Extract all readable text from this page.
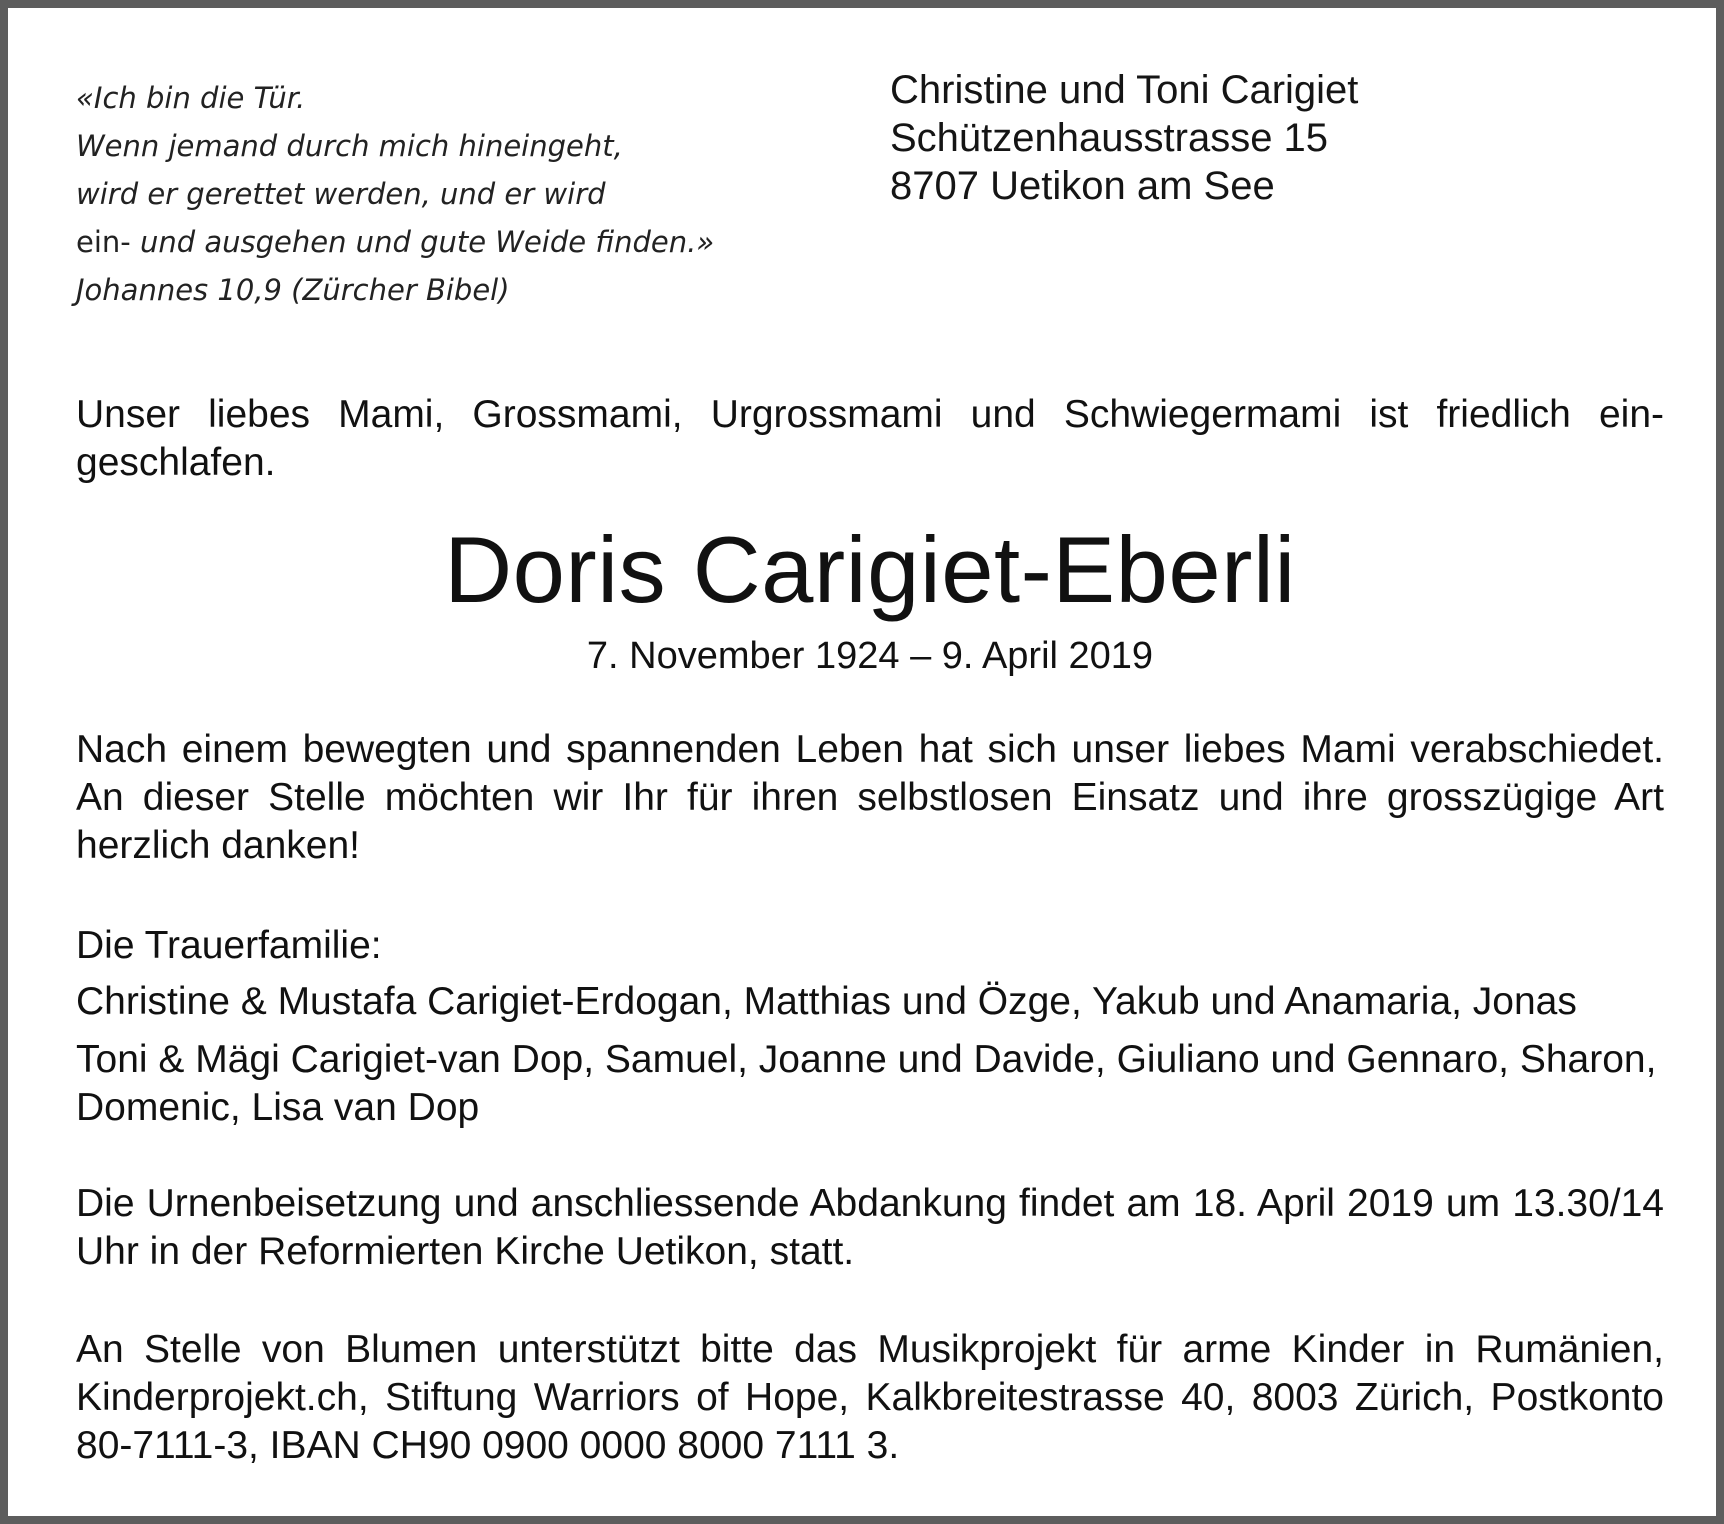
«Ich bin die Tür.
Wenn jemand durch mich hineingeht,
wird er gerettet werden, und er wird
ein- und ausgehen und gute Weide finden.»
Johannes 10,9 (Zürcher Bibel)
Christine und Toni Carigiet
Schützenhausstrasse 15
8707 Uetikon am See
Unser liebes Mami, Grossmami, Urgrossmami und Schwiegermami ist friedlich ein-geschlafen.
Doris Carigiet-Eberli
7. November 1924 – 9. April 2019
Nach einem bewegten und spannenden Leben hat sich unser liebes Mami verabschiedet. An dieser Stelle möchten wir Ihr für ihren selbstlosen Einsatz und ihre grosszügige Art herzlich danken!
Die Trauerfamilie:
Christine & Mustafa Carigiet-Erdogan, Matthias und Özge, Yakub und Anamaria, Jonas
Toni & Mägi Carigiet-van Dop, Samuel, Joanne und Davide, Giuliano und Gennaro, Sharon, Domenic, Lisa van Dop
Die Urnenbeisetzung und anschliessende Abdankung findet am 18. April 2019 um 13.30/14 Uhr in der Reformierten Kirche Uetikon, statt.
An Stelle von Blumen unterstützt bitte das Musikprojekt für arme Kinder in Rumänien, Kinderprojekt.ch, Stiftung Warriors of Hope, Kalkbreitestrasse 40, 8003 Zürich, Postkonto 80-7111-3, IBAN CH90 0900 0000 8000 7111 3.
